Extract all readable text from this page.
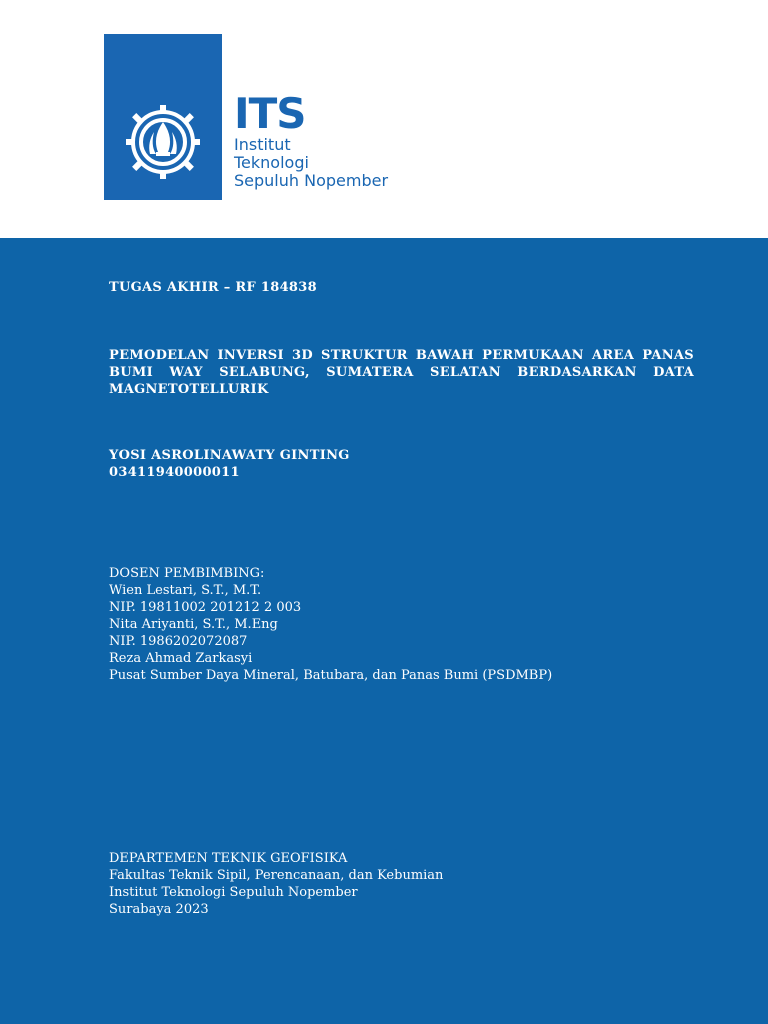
ITS
Institut
Teknologi
Sepuluh Nopember
TUGAS AKHIR – RF 184838
PEMODELAN INVERSI 3D STRUKTUR BAWAH PERMUKAAN AREA PANAS BUMI WAY SELABUNG, SUMATERA SELATAN BERDASARKAN DATA MAGNETOTELLURIK
YOSI ASROLINAWATY GINTING
03411940000011
DOSEN PEMBIMBING:
Wien Lestari, S.T., M.T.
NIP. 19811002 201212 2 003
Nita Ariyanti, S.T., M.Eng
NIP. 1986202072087
Reza Ahmad Zarkasyi
Pusat Sumber Daya Mineral, Batubara, dan Panas Bumi (PSDMBP)
DEPARTEMEN TEKNIK GEOFISIKA
Fakultas Teknik Sipil, Perencanaan, dan Kebumian
Institut Teknologi Sepuluh Nopember
Surabaya 2023
